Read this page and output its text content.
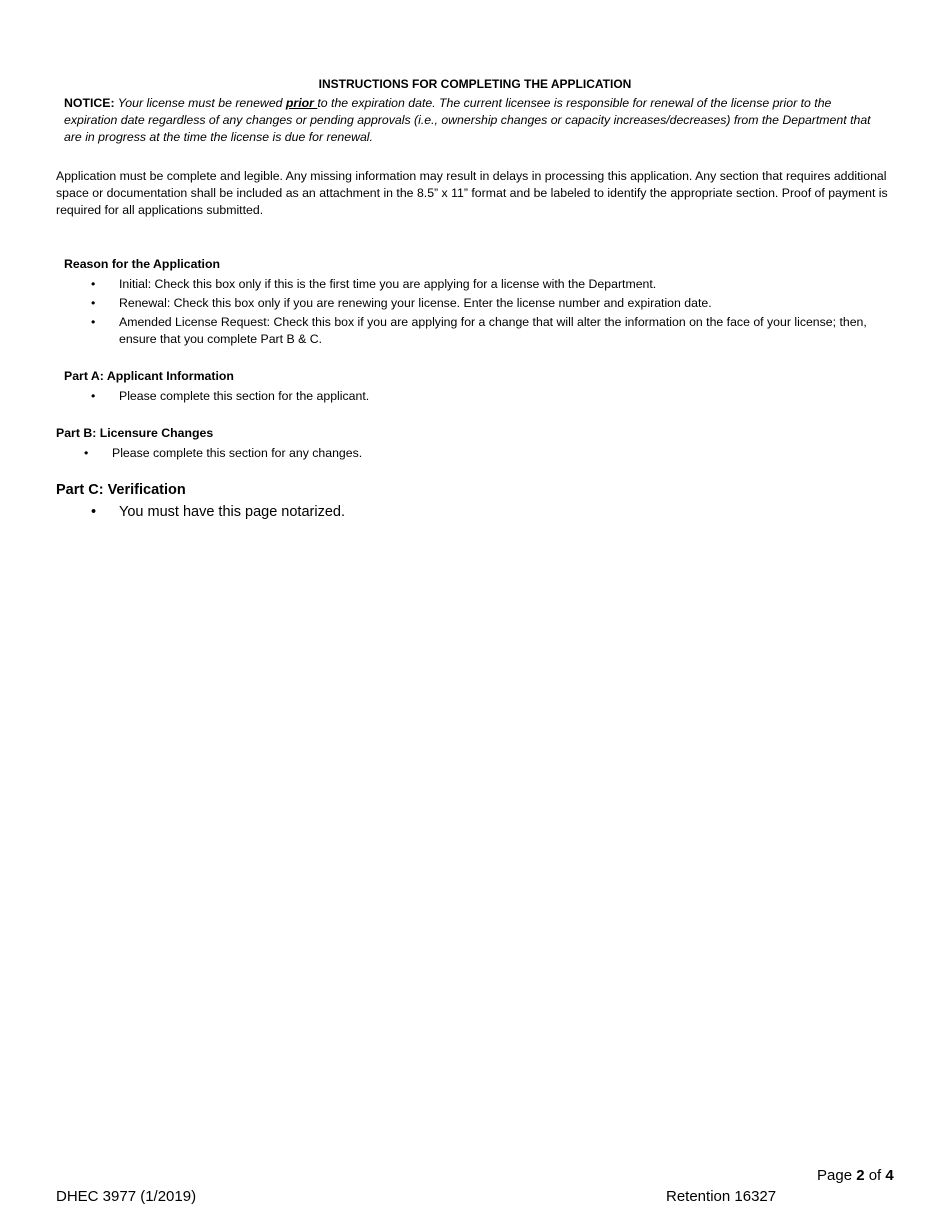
INSTRUCTIONS FOR COMPLETING THE APPLICATION
NOTICE: Your license must be renewed prior to the expiration date. The current licensee is responsible for renewal of the license prior to the expiration date regardless of any changes or pending approvals (i.e., ownership changes or capacity increases/decreases) from the Department that are in progress at the time the license is due for renewal.
Application must be complete and legible. Any missing information may result in delays in processing this application. Any section that requires additional space or documentation shall be included as an attachment in the 8.5” x 11” format and be labeled to identify the appropriate section. Proof of payment is required for all applications submitted.
Reason for the Application
• Initial: Check this box only if this is the first time you are applying for a license with the Department.
• Renewal: Check this box only if you are renewing your license. Enter the license number and expiration date.
• Amended License Request: Check this box if you are applying for a change that will alter the information on the face of your license; then, ensure that you complete Part B & C.
Part A: Applicant Information
• Please complete this section for the applicant.
Part B: Licensure Changes
• Please complete this section for any changes.
Part C: Verification
• You must have this page notarized.
Page 2 of 4
DHEC 3977 (1/2019)	Retention 16327
